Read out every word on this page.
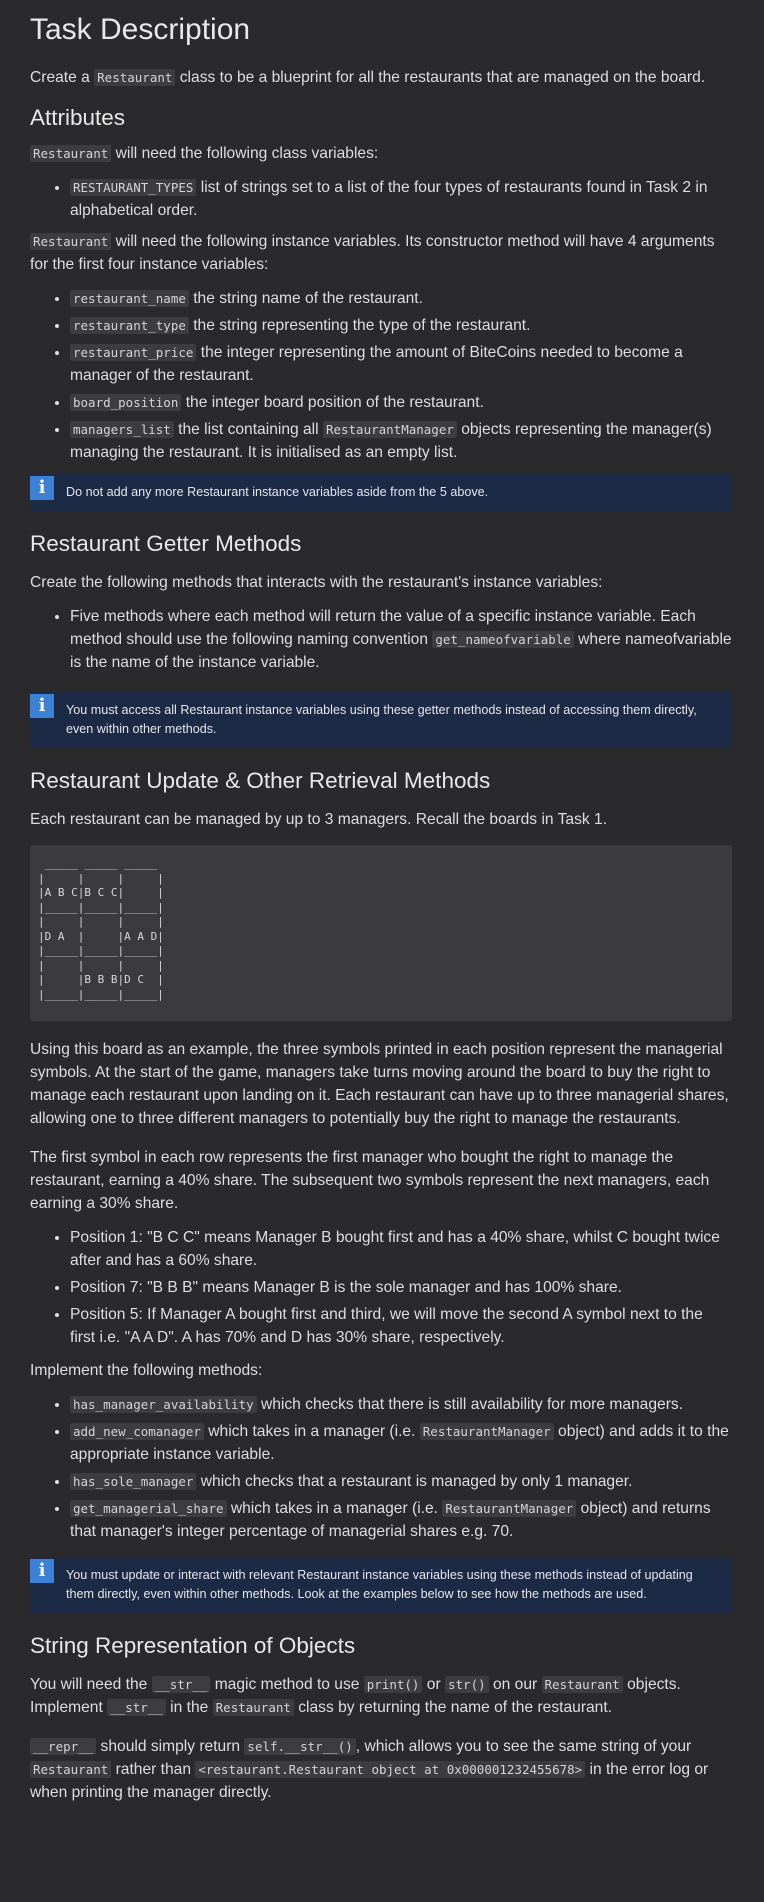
Task Description

Create a Restaurant class to be a blueprint for all the restaurants that are managed on the board.

Attributes

Restaurant will need the following class variables:

• RESTAURANT_TYPES list of strings set to a list of the four types of restaurants found in Task 2 in alphabetical order.

Restaurant will need the following instance variables. Its constructor method will have 4 arguments for the first four instance variables:

• restaurant_name the string name of the restaurant.
• restaurant_type the string representing the type of the restaurant.
• restaurant_price the integer representing the amount of BiteCoins needed to become a manager of the restaurant.
• board_position the integer board position of the restaurant.
• managers_list the list containing all RestaurantManager objects representing the manager(s) managing the restaurant. It is initialised as an empty list.
i	Do not add any more Restaurant instance variables aside from the 5 above.
Restaurant Getter Methods

Create the following methods that interacts with the restaurant's instance variables:

• Five methods where each method will return the value of a specific instance variable. Each method should use the following naming convention get_nameofvariable where nameofvariable is the name of the instance variable.
i	You must access all Restaurant instance variables using these getter methods instead of accessing them directly, even within other methods.
Restaurant Update & Other Retrieval Methods

Each restaurant can be managed by up to 3 managers. Recall the boards in Task 1.

_____ _____ _____
|     |     |     |
|A B C|B C C|     |
|_____|_____|_____|
|     |     |     |
|D A  |     |A A D|
|_____|_____|_____|
|     |     |     |
|     |B B B|D C  |
|_____|_____|_____|

Using this board as an example, the three symbols printed in each position represent the managerial symbols. At the start of the game, managers take turns moving around the board to buy the right to manage each restaurant upon landing on it. Each restaurant can have up to three managerial shares, allowing one to three different managers to potentially buy the right to manage the restaurants.

The first symbol in each row represents the first manager who bought the right to manage the restaurant, earning a 40% share. The subsequent two symbols represent the next managers, each earning a 30% share.

• Position 1: "B C C" means Manager B bought first and has a 40% share, whilst C bought twice after and has a 60% share.
• Position 7: "B B B" means Manager B is the sole manager and has 100% share.
• Position 5: If Manager A bought first and third, we will move the second A symbol next to the first i.e. "A A D". A has 70% and D has 30% share, respectively.

Implement the following methods:

• has_manager_availability which checks that there is still availability for more managers.
• add_new_comanager which takes in a manager (i.e. RestaurantManager object) and adds it to the appropriate instance variable.
• has_sole_manager which checks that a restaurant is managed by only 1 manager.
• get_managerial_share which takes in a manager (i.e. RestaurantManager object) and returns that manager's integer percentage of managerial shares e.g. 70.
i	You must update or interact with relevant Restaurant instance variables using these methods instead of updating them directly, even within other methods. Look at the examples below to see how the methods are used.
String Representation of Objects

You will need the __str__ magic method to use print() or str() on our Restaurant objects. Implement __str__ in the Restaurant class by returning the name of the restaurant.

__repr__ should simply return self.__str__() , which allows you to see the same string of your Restaurant rather than <restaurant.Restaurant object at 0x000001232455678> in the error log or when printing the manager directly.
